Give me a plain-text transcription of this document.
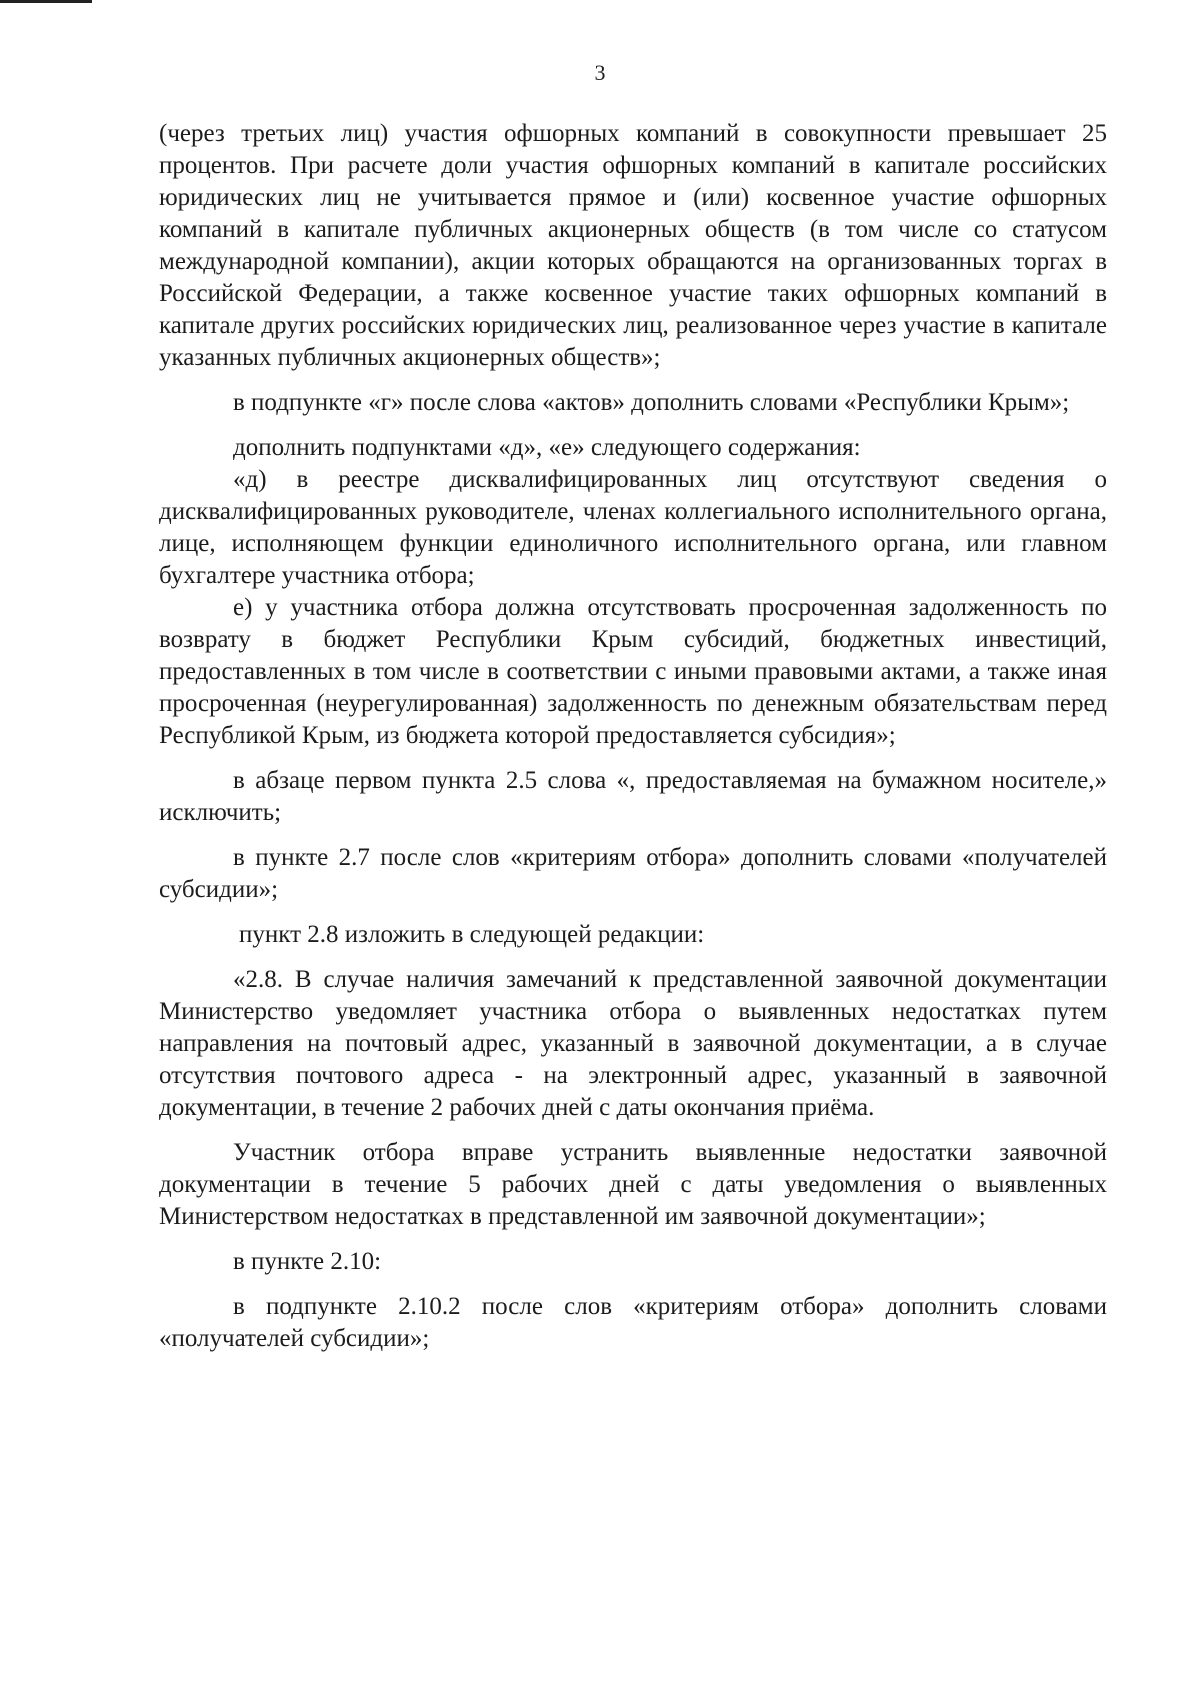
3

(через третьих лиц) участия офшорных компаний в совокупности превышает 25 процентов. При расчете доли участия офшорных компаний в капитале российских юридических лиц не учитывается прямое и (или) косвенное участие офшорных компаний в капитале публичных акционерных обществ (в том числе со статусом международной компании), акции которых обращаются на организованных торгах в Российской Федерации, а также косвенное участие таких офшорных компаний в капитале других российских юридических лиц, реализованное через участие в капитале указанных публичных акционерных обществ»;

в подпункте «г» после слова «актов» дополнить словами «Республики Крым»;

дополнить подпунктами «д», «е» следующего содержания:

«д) в реестре дисквалифицированных лиц отсутствуют сведения о дисквалифицированных руководителе, членах коллегиального исполнительного органа, лице, исполняющем функции единоличного исполнительного органа, или главном бухгалтере участника отбора;

е) у участника отбора должна отсутствовать просроченная задолженность по возврату в бюджет Республики Крым субсидий, бюджетных инвестиций, предоставленных в том числе в соответствии с иными правовыми актами, а также иная просроченная (неурегулированная) задолженность по денежным обязательствам перед Республикой Крым, из бюджета которой предоставляется субсидия»;

в абзаце первом пункта 2.5 слова «, предоставляемая на бумажном носителе,» исключить;

в пункте 2.7 после слов «критериям отбора» дополнить словами «получателей субсидии»;

пункт 2.8 изложить в следующей редакции:

«2.8. В случае наличия замечаний к представленной заявочной документации Министерство уведомляет участника отбора о выявленных недостатках путем направления на почтовый адрес, указанный в заявочной документации, а в случае отсутствия почтового адреса - на электронный адрес, указанный в заявочной документации, в течение 2 рабочих дней с даты окончания приёма.

Участник отбора вправе устранить выявленные недостатки заявочной документации в течение 5 рабочих дней с даты уведомления о выявленных Министерством недостатках в представленной им заявочной документации»;

в пункте 2.10:

в подпункте 2.10.2 после слов «критериям отбора» дополнить словами «получателей субсидии»;
